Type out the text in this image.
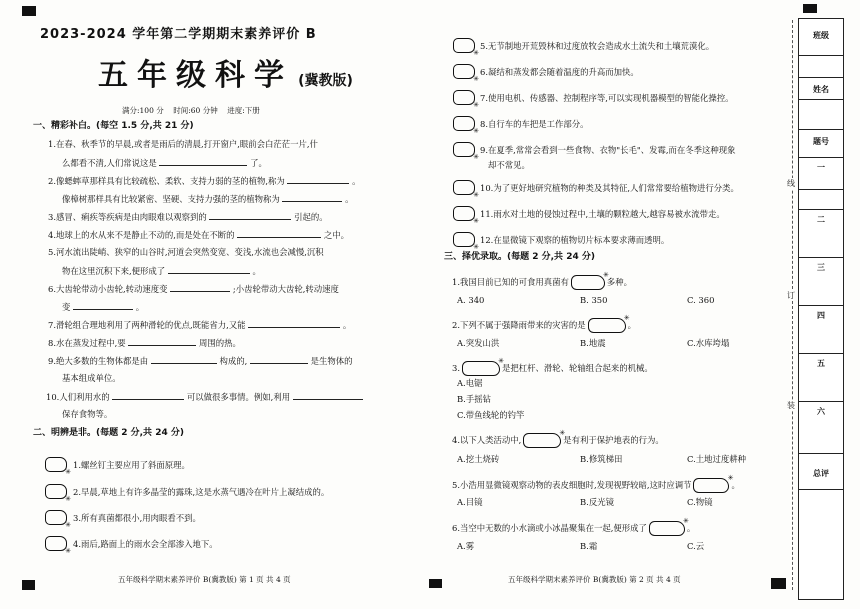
2023-2024 学年第二学期期末素养评价 B
五年级科学 (冀教版)
满分:100 分    时间:60 分钟    进度:下册
一、精彩补白。(每空 1.5 分,共 21 分)
1.在春、秋季节的早晨,或者是雨后的清晨,打开窗户,眼前会白茫茫一片,什
么都看不清,人们常说这是	了。
2.像蟋蟀草那样具有比较疏松、柔软、支持力弱的茎的植物,称为	。
像樟树那样具有比较紧密、坚硬、支持力强的茎的植物称为	。
3.感冒、痢疾等疾病是由肉眼难以观察到的	引起的。
4.地球上的水从来不是静止不动的,而是处在不断的	之中。
5.河水流出陡峭、狭窄的山谷时,河道会突然变宽、变浅,水流也会减慢,沉积
物在这里沉积下来,便形成了	。
6.大齿轮带动小齿轮,转动速度变	;小齿轮带动大齿轮,转动速度
变	。
7.滑轮组合理地利用了两种滑轮的优点,既能省力,又能	。
8.水在蒸发过程中,要	周围的热。
9.绝大多数的生物体都是由	构成的,	是生物体的
基本组成单位。
10.人们利用水的	可以做很多事情。例如,利用
保存食物等。
二、明辨是非。(每题 2 分,共 24 分)
✳
1.螺丝钉主要应用了斜面原理。
✳
2.早晨,草地上有许多晶莹的露珠,这是水蒸气遇冷在叶片上凝结成的。
✳
3.所有真菌都很小,用肉眼看不到。
✳
4.雨后,路面上的雨水会全部渗入地下。
五年级科学期末素养评价 B(冀教版) 第 1 页 共 4 页
✳
5.无节制地开荒毁林和过度放牧会造成水土流失和土壤荒漠化。
✳
6.凝结和蒸发都会随着温度的升高而加快。
✳
7.使用电机、传感器、控制程序等,可以实现机器模型的智能化操控。
✳
8.自行车的车把是工作部分。
✳
9.在夏季,常常会看到一些食物、衣物"长毛"、发霉,而在冬季这种现象
却不常见。
✳
10.为了更好地研究植物的种类及其特征,人们常常要给植物进行分类。
✳
11.雨水对土地的侵蚀过程中,土壤的颗粒越大,越容易被水流带走。
✳
12.在显微镜下观察的植物切片标本要求薄而透明。
三、择优录取。(每题 2 分,共 24 分)
1.我国目前已知的可食用真菌有 ✳	多种。
A. 340	B. 350	C. 360
2.下列不属于强降雨带来的灾害的是 ✳	。
A.突发山洪	B.地震	C.水库垮塌
3. ✳	是把杠杆、滑轮、轮轴组合起来的机械。
A.电锯
B.手摇钻
C.带鱼线轮的钓竿
4.以下人类活动中, ✳	是有利于保护地表的行为。
A.挖土烧砖	B.修筑梯田	C.土地过度耕种
5.小浩用显微镜观察动物的表皮细胞时,发现视野较暗,这时应调节 ✳	。
A.目镜	B.反光镜	C.物镜
6.当空中无数的小水滴或小冰晶聚集在一起,便形成了 ✳	。
A.雾	B.霜	C.云
五年级科学期末素养评价 B(冀教版) 第 2 页 共 4 页
线
订
装
班级
姓名
题号
一
二
三
四
五
六
总评
